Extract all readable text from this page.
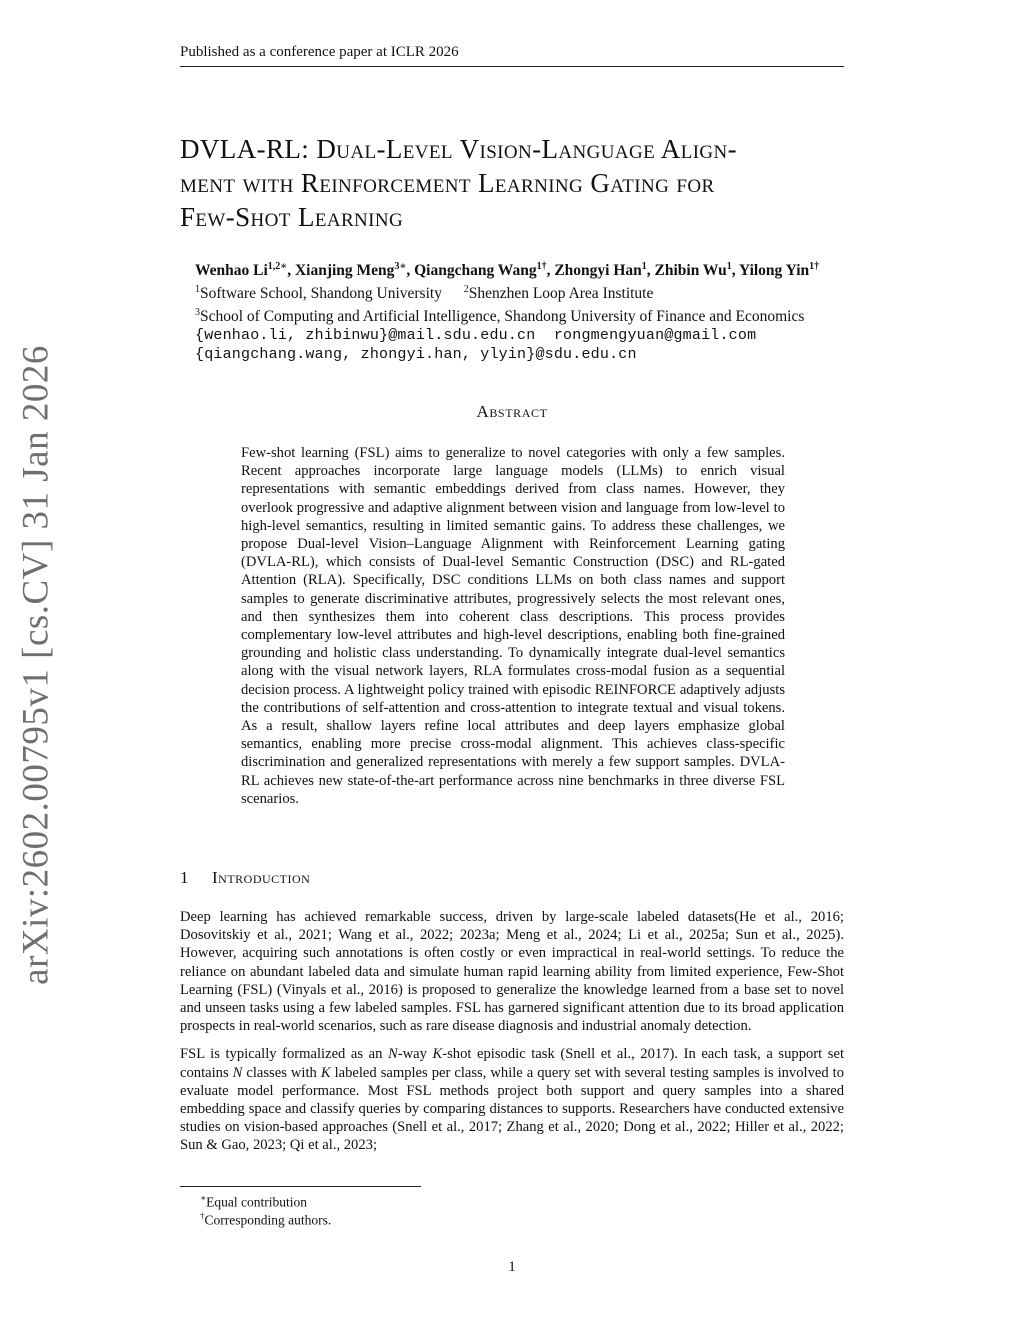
Published as a conference paper at ICLR 2026
arXiv:2602.00795v1 [cs.CV] 31 Jan 2026
DVLA-RL: Dual-Level Vision-Language Align-
ment with Reinforcement Learning Gating for
Few-Shot Learning
Wenhao $Li^{1,2∗}$, Xianjing Meng$^{3∗}$, Qiangchang Wang$^{1\dagger}$, Zhongyi Han$^1$, Zhibin Wu$^1$, Yilong Yin$^{1\dagger}$
$^1$Software School, Shandong University $^2$Shenzhen Loop Area Institute
$^3$School of Computing and Artificial Intelligence, Shandong University of Finance and Economics
{wenhao.li, zhibinwu}@mail.sdu.edu.cn  rongmengyuan@gmail.com
{qiangchang.wang, zhongyi.han, ylyin}@sdu.edu.cn
Abstract

Few-shot learning (FSL) aims to generalize to novel categories with only a few samples. Recent approaches incorporate large language models (LLMs) to enrich visual representations with semantic embeddings derived from class names. However, they overlook progressive and adaptive alignment between vision and language from low-level to high-level semantics, resulting in limited semantic gains. To address these challenges, we propose Dual-level Vision–Language Alignment with Reinforcement Learning gating (DVLA-RL), which consists of Dual-level Semantic Construction (DSC) and RL-gated Attention (RLA). Specifically, DSC conditions LLMs on both class names and support samples to generate discriminative attributes, progressively selects the most relevant ones, and then synthesizes them into coherent class descriptions. This process provides complementary low-level attributes and high-level descriptions, enabling both fine-grained grounding and holistic class understanding. To dynamically integrate dual-level semantics along with the visual network layers, RLA formulates cross-modal fusion as a sequential decision process. A lightweight policy trained with episodic REINFORCE adaptively adjusts the contributions of self-attention and cross-attention to integrate textual and visual tokens. As a result, shallow layers refine local attributes and deep layers emphasize global semantics, enabling more precise cross-modal alignment. This achieves class-specific discrimination and generalized representations with merely a few support samples. DVLA-RL achieves new state-of-the-art performance across nine benchmarks in three diverse FSL scenarios.

1 Introduction

Deep learning has achieved remarkable success, driven by large-scale labeled datasets(He et al., 2016; Dosovitskiy et al., 2021; Wang et al., 2022; 2023a; Meng et al., 2024; Li et al., 2025a; Sun et al., 2025). However, acquiring such annotations is often costly or even impractical in real-world settings. To reduce the reliance on abundant labeled data and simulate human rapid learning ability from limited experience, Few-Shot Learning (FSL) (Vinyals et al., 2016) is proposed to generalize the knowledge learned from a base set to novel and unseen tasks using a few labeled samples. FSL has garnered significant attention due to its broad application prospects in real-world scenarios, such as rare disease diagnosis and industrial anomaly detection.

FSL is typically formalized as an N-way K-shot episodic task (Snell et al., 2017). In each task, a support set contains N classes with K labeled samples per class, while a query set with several testing samples is involved to evaluate model performance. Most FSL methods project both support and query samples into a shared embedding space and classify queries by comparing distances to supports. Researchers have conducted extensive studies on vision-based approaches (Snell et al., 2017; Zhang et al., 2020; Dong et al., 2022; Hiller et al., 2022; Sun & Gao, 2023; Qi et al., 2023;

∗Equal contribution
†Corresponding authors.
1
